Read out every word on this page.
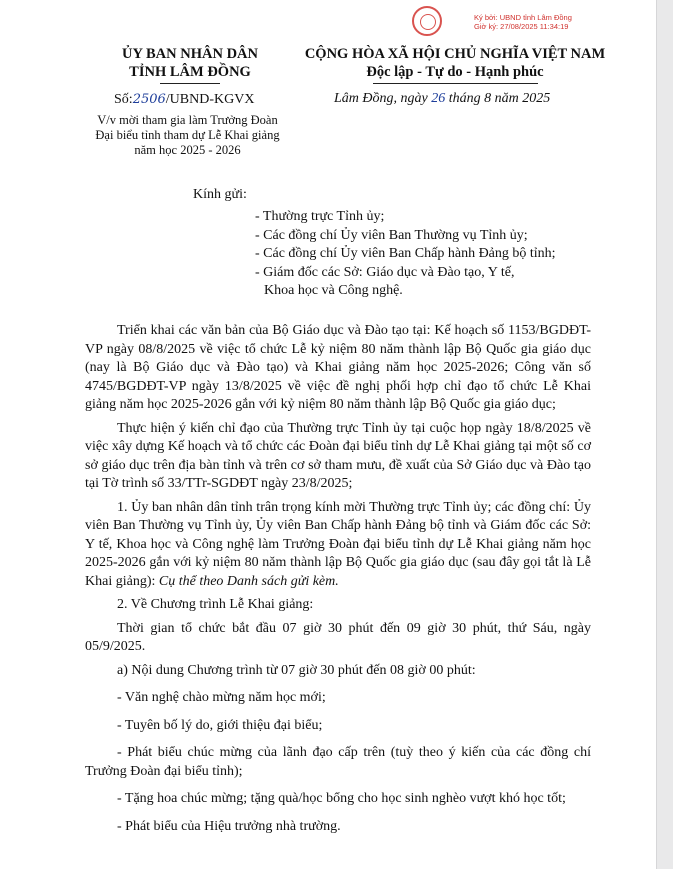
Ký bởi: UBND tỉnh Lâm Đồng
Giờ ký: 27/08/2025 11:34:19
ỦY BAN NHÂN DÂN
TỈNH LÂM ĐỒNG
CỘNG HÒA XÃ HỘI CHỦ NGHĨA VIỆT NAM
Độc lập - Tự do - Hạnh phúc
Số:2506/UBND-KGVX	Lâm Đồng, ngày 26 tháng 8 năm 2025
V/v mời tham gia làm Trưởng Đoàn
Đại biểu tỉnh tham dự Lễ Khai giảng
năm học 2025 - 2026
Kính gửi:
- Thường trực Tỉnh ủy;
- Các đồng chí Ủy viên Ban Thường vụ Tỉnh ủy;
- Các đồng chí Ủy viên Ban Chấp hành Đảng bộ tỉnh;
- Giám đốc các Sở: Giáo dục và Đào tạo, Y tế,
Khoa học và Công nghệ.

Triển khai các văn bản của Bộ Giáo dục và Đào tạo tại: Kế hoạch số 1153/BGDĐT-VP ngày 08/8/2025 về việc tổ chức Lễ kỷ niệm 80 năm thành lập Bộ Quốc gia giáo dục (nay là Bộ Giáo dục và Đào tạo) và Khai giảng năm học 2025-2026; Công văn số 4745/BGDĐT-VP ngày 13/8/2025 về việc đề nghị phối hợp chỉ đạo tổ chức Lễ Khai giảng năm học 2025-2026 gắn với kỷ niệm 80 năm thành lập Bộ Quốc gia giáo dục;

Thực hiện ý kiến chỉ đạo của Thường trực Tỉnh ủy tại cuộc họp ngày 18/8/2025 về việc xây dựng Kế hoạch và tổ chức các Đoàn đại biểu tỉnh dự Lễ Khai giảng tại một số cơ sở giáo dục trên địa bàn tỉnh và trên cơ sở tham mưu, đề xuất của Sở Giáo dục và Đào tạo tại Tờ trình số 33/TTr-SGDĐT ngày 23/8/2025;

1. Ủy ban nhân dân tỉnh trân trọng kính mời Thường trực Tỉnh ủy; các đồng chí: Ủy viên Ban Thường vụ Tỉnh ủy, Ủy viên Ban Chấp hành Đảng bộ tỉnh và Giám đốc các Sở: Y tế, Khoa học và Công nghệ làm Trưởng Đoàn đại biểu tỉnh dự Lễ Khai giảng năm học 2025-2026 gắn với kỷ niệm 80 năm thành lập Bộ Quốc gia giáo dục (sau đây gọi tắt là Lễ Khai giảng): Cụ thể theo Danh sách gửi kèm.

2. Về Chương trình Lễ Khai giảng:

Thời gian tổ chức bắt đầu 07 giờ 30 phút đến 09 giờ 30 phút, thứ Sáu, ngày 05/9/2025.

a) Nội dung Chương trình từ 07 giờ 30 phút đến 08 giờ 00 phút:

- Văn nghệ chào mừng năm học mới;

- Tuyên bố lý do, giới thiệu đại biểu;

- Phát biểu chúc mừng của lãnh đạo cấp trên (tuỳ theo ý kiến của các đồng chí Trưởng Đoàn đại biểu tỉnh);

- Tặng hoa chúc mừng; tặng quà/học bổng cho học sinh nghèo vượt khó học tốt;

- Phát biểu của Hiệu trưởng nhà trường.
